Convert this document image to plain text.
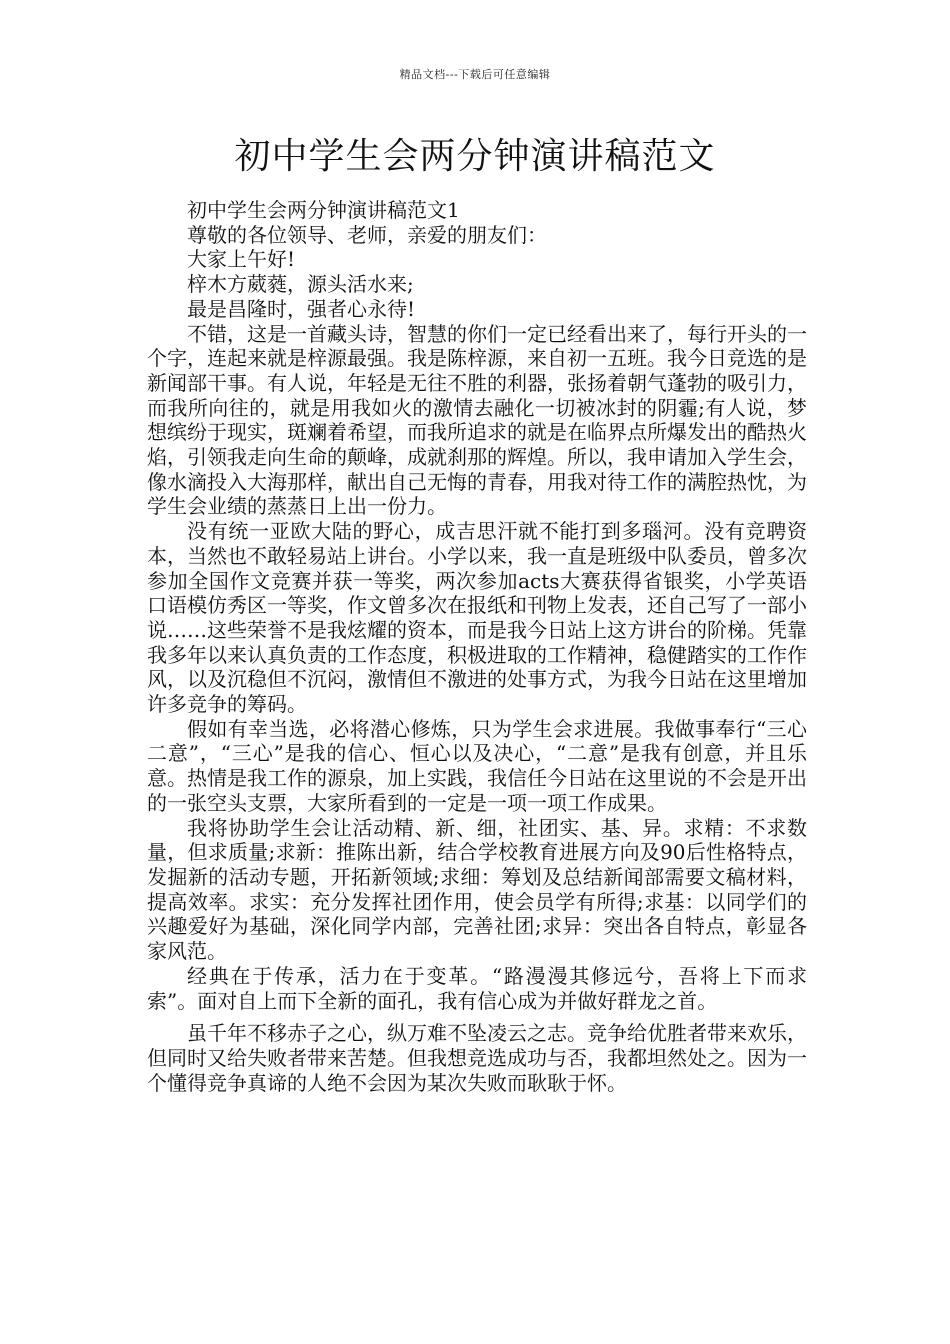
精品文档---下载后可任意编辑
初中学生会两分钟演讲稿范文

初中学生会两分钟演讲稿范文1

尊敬的各位领导、老师，亲爱的朋友们：

大家上午好!

梓木方葳蕤，源头活水来;

最是昌隆时，强者心永待!

不错，这是一首藏头诗，智慧的你们一定已经看出来了，每行开头的一个字，连起来就是梓源最强。我是陈梓源，来自初一五班。我今日竞选的是新闻部干事。有人说，年轻是无往不胜的利器，张扬着朝气蓬勃的吸引力，而我所向往的，就是用我如火的激情去融化一切被冰封的阴霾;有人说，梦想缤纷于现实，斑斓着希望，而我所追求的就是在临界点所爆发出的酷热火焰，引领我走向生命的颠峰，成就刹那的辉煌。所以，我申请加入学生会，像水滴投入大海那样，献出自己无悔的青春，用我对待工作的满腔热忱，为学生会业绩的蒸蒸日上出一份力。

没有统一亚欧大陆的野心，成吉思汗就不能打到多瑙河。没有竞聘资本，当然也不敢轻易站上讲台。小学以来，我一直是班级中队委员，曾多次参加全国作文竞赛并获一等奖，两次参加acts大赛获得省银奖，小学英语口语模仿秀区一等奖，作文曾多次在报纸和刊物上发表，还自己写了一部小说……这些荣誉不是我炫耀的资本，而是我今日站上这方讲台的阶梯。凭靠我多年以来认真负责的工作态度，积极进取的工作精神，稳健踏实的工作作风，以及沉稳但不沉闷，激情但不激进的处事方式，为我今日站在这里增加许多竞争的筹码。

假如有幸当选，必将潜心修炼，只为学生会求进展。我做事奉行“三心二意”，“三心”是我的信心、恒心以及决心，“二意”是我有创意，并且乐意。热情是我工作的源泉，加上实践，我信任今日站在这里说的不会是开出的一张空头支票，大家所看到的一定是一项一项工作成果。

我将协助学生会让活动精、新、细，社团实、基、异。求精：不求数量，但求质量;求新：推陈出新，结合学校教育进展方向及90后性格特点，发掘新的活动专题，开拓新领域;求细：筹划及总结新闻部需要文稿材料，提高效率。求实：充分发挥社团作用，使会员学有所得;求基：以同学们的兴趣爱好为基础，深化同学内部，完善社团;求异：突出各自特点，彰显各家风范。

经典在于传承，活力在于变革。“路漫漫其修远兮，吾将上下而求索”。面对自上而下全新的面孔，我有信心成为并做好群龙之首。

虽千年不移赤子之心，纵万难不坠凌云之志。竞争给优胜者带来欢乐，但同时又给失败者带来苦楚。但我想竞选成功与否，我都坦然处之。因为一个懂得竞争真谛的人绝不会因为某次失败而耿耿于怀。
